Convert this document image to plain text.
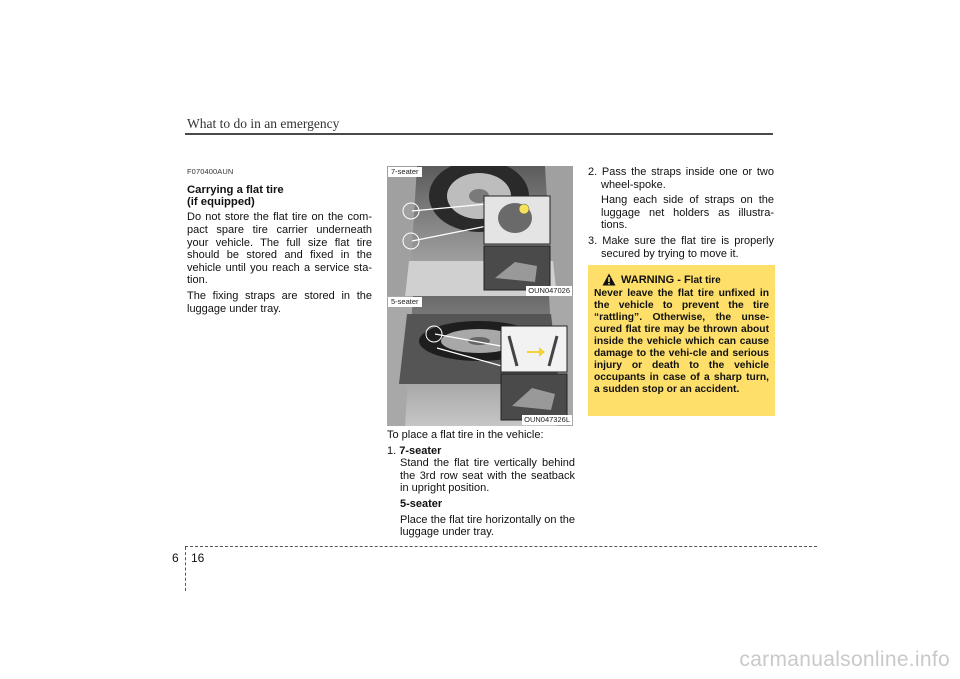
What to do in an emergency

F070400AUN

Carrying a flat tire

(if equipped)

Do not store the flat tire on the com-pact spare tire carrier underneath your vehicle. The full size flat tire should be stored and fixed in the vehicle until you reach a service sta-tion.

The fixing straps are stored in the luggage under tray.

7-seater
OUN047026
5-seater
OUN047326L

To place a flat tire in the vehicle:

1. 7-seater

Stand the flat tire vertically behind the 3rd row seat with the seatback in upright position.

5-seater

Place the flat tire horizontally on the luggage under tray.

2. Pass the straps inside one or two wheel-spoke.

Hang each side of straps on the luggage net holders as illustra-tions.

3. Make sure the flat tire is properly secured by trying to move it.

WARNING - Flat tire

Never leave the flat tire unfixed in the vehicle to prevent the tire “rattling”. Otherwise, the unse-cured flat tire may be thrown about inside the vehicle which can cause damage to the vehi-cle and serious injury or death to the vehicle occupants in case of a sharp turn, a sudden stop or an accident.

6 16
carmanualsonline.info
